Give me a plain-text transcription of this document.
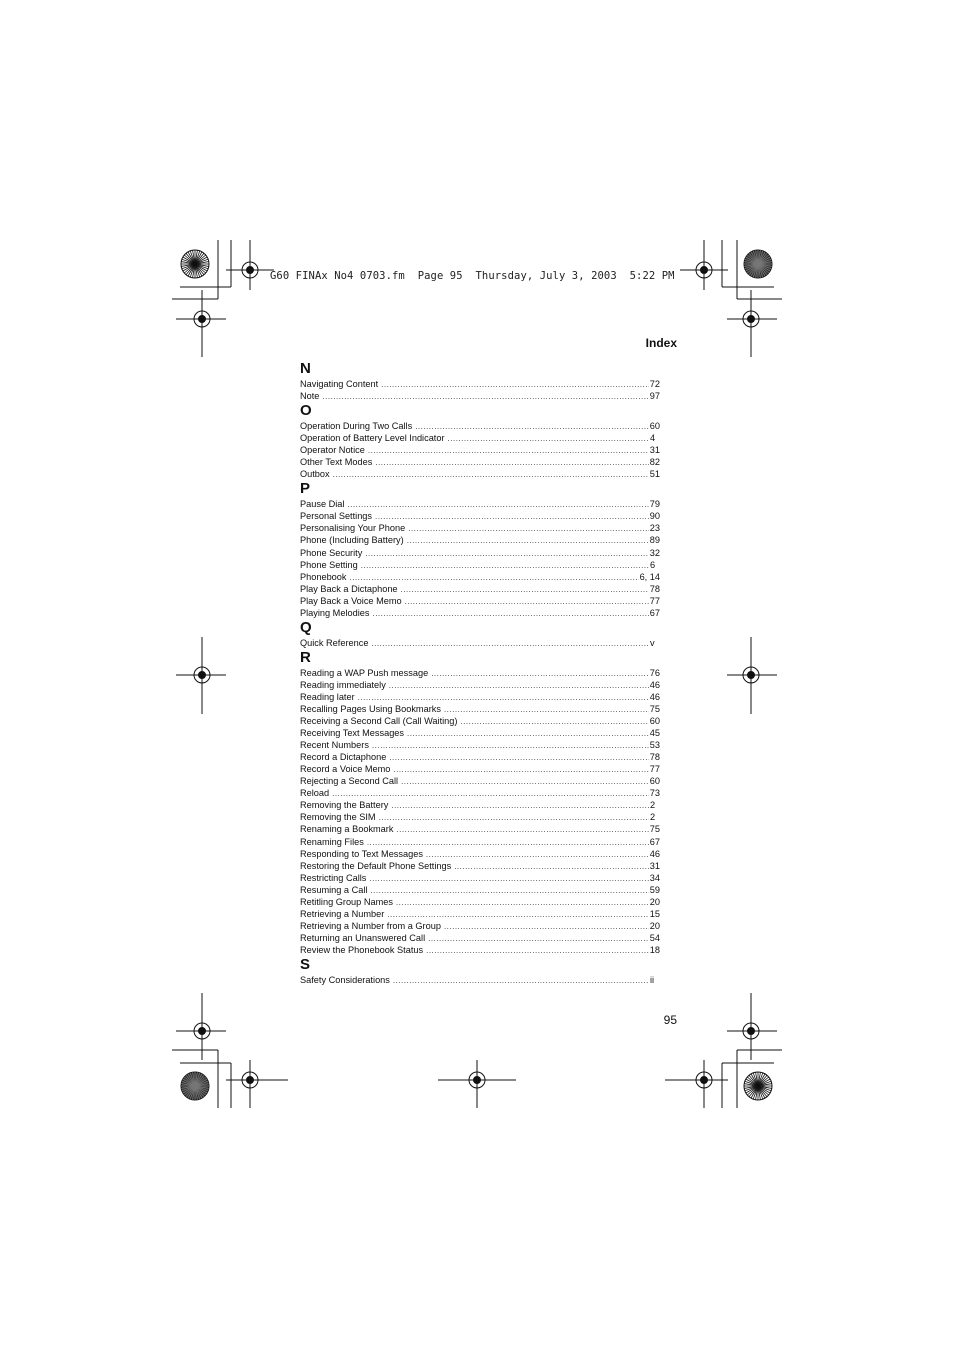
G60 FINAx No4 0703.fm  Page 95  Thursday, July 3, 2003  5:22 PM
Index
N
Navigating Content .....	72
Note .....	97
O
Operation During Two Calls .....	60
Operation of Battery Level Indicator .....	4
Operator Notice .....	31
Other Text Modes .....	82
Outbox .....	51
P
Pause Dial .....	79
Personal Settings .....	90
Personalising Your Phone .....	23
Phone (Including Battery) .....	89
Phone Security .....	32
Phone Setting .....	6
Phonebook .....	6, 14
Play Back a Dictaphone .....	78
Play Back a Voice Memo .....	77
Playing Melodies .....	67
Q
Quick Reference .....	v
R
Reading a WAP Push message .....	76
Reading immediately .....	46
Reading later .....	46
Recalling Pages Using Bookmarks .....	75
Receiving a Second Call (Call Waiting) .....	60
Receiving Text Messages .....	45
Recent Numbers .....	53
Record a Dictaphone .....	78
Record a Voice Memo .....	77
Rejecting a Second Call .....	60
Reload .....	73
Removing the Battery .....	2
Removing the SIM .....	2
Renaming a Bookmark .....	75
Renaming Files .....	67
Responding to Text Messages .....	46
Restoring the Default Phone Settings .....	31
Restricting Calls .....	34
Resuming a Call .....	59
Retitling Group Names .....	20
Retrieving a Number .....	15
Retrieving a Number from a Group .....	20
Returning an Unanswered Call .....	54
Review the Phonebook Status .....	18
S
Safety Considerations .....	ii
95
